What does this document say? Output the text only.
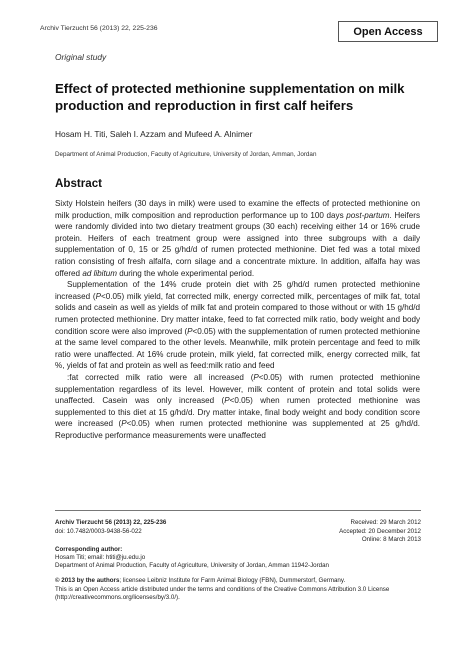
Archiv Tierzucht 56 (2013) 22, 225-236	Open Access
Original study
Effect of protected methionine supplementation on milk production and reproduction in first calf heifers
Hosam H. Titi, Saleh I. Azzam and Mufeed A. Alnimer
Department of Animal Production, Faculty of Agriculture, University of Jordan, Amman, Jordan
Abstract

Sixty Holstein heifers (30 days in milk) were used to examine the effects of protected methionine on milk production, milk composition and reproduction performance up to 100 days post-partum. Heifers were randomly divided into two dietary treatment groups (30 each) receiving either 14 or 16% crude protein. Heifers of each treatment group were assigned into three subgroups with a daily supplementation of 0, 15 or 25 g/hd/d of rumen protected methionine. Diet fed was a total mixed ration consisting of fresh alfalfa, corn silage and a concentrate mixture. In addition, alfalfa hay was offered ad libitum during the whole experimental period.

Supplementation of the 14% crude protein diet with 25 g/hd/d rumen protected methionine increased (P<0.05) milk yield, fat corrected milk, energy corrected milk, percentages of milk fat, total solids and casein as well as yields of milk fat and protein compared to those without or with 15 g/hd/d rumen protected methionine. Dry matter intake, feed to fat corrected milk ratio, body weight and body condition score were also improved (P<0.05) with the supplementation of rumen protected methionine at the same level compared to the other levels. Meanwhile, milk protein percentage and feed to milk ratio were unaffected. At 16% crude protein, milk yield, fat corrected milk, energy corrected milk, fat %, yields of fat and protein as well as feed:milk ratio and feed

:fat corrected milk ratio were all increased (P<0.05) with rumen protected methionine supplementation regardless of its level. However, milk content of protein and total solids were unaffected. Casein was only increased (P<0.05) when rumen protected methionine was supplemented to this diet at 15 g/hd/d. Dry matter intake, final body weight and body condition score were increased (P<0.05) when rumen protected methionine was supplemented at 25 g/hd/d. Reproductive performance measurements were unaffected

Archiv Tierzucht 56 (2013) 22, 225-236
doi: 10.7482/0003-9438-56-022
Received: 29 March 2012
Accepted: 20 December 2012
Online: 8 March 2013
Corresponding author:
Hosam Titi; email: htiti@ju.edu.jo
Department of Animal Production, Faculty of Agriculture, University of Jordan, Amman 11942-Jordan
© 2013 by the authors; licensee Leibniz Institute for Farm Animal Biology (FBN), Dummerstorf, Germany.
This is an Open Access article distributed under the terms and conditions of the Creative Commons Attribution 3.0 License
(http://creativecommons.org/licenses/by/3.0/).
